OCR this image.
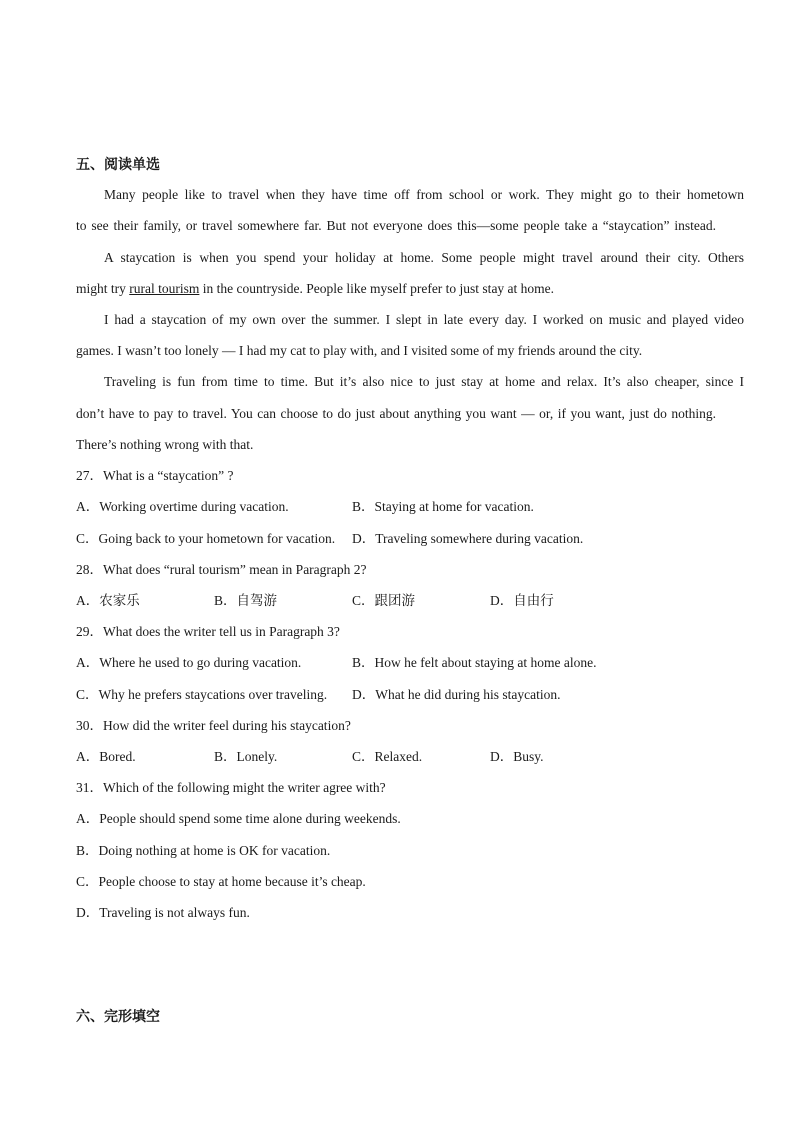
五、阅读单选
Many people like to travel when they have time off from school or work. They might go to their hometown
to see their family, or travel somewhere far. But not everyone does this—some people take a “staycation” instead.
A staycation is when you spend your holiday at home. Some people might travel around their city. Others
might try rural tourism in the countryside. People like myself prefer to just stay at home.
I had a staycation of my own over the summer. I slept in late every day. I worked on music and played video
games. I wasn’t too lonely — I had my cat to play with, and I visited some of my friends around the city.
Traveling is fun from time to time. But it’s also nice to just stay at home and relax. It’s also cheaper, since I
don’t have to pay to travel. You can choose to do just about anything you want — or, if you want, just do nothing.
There’s nothing wrong with that.
27．What is a “staycation” ?
A．Working overtime during vacation.	B．Staying at home for vacation.
C．Going back to your hometown for vacation. D．Traveling somewhere during vacation.
28．What does “rural tourism” mean in Paragraph 2?
A．农家乐	B．自驾游	C．跟团游	D．自由行
29．What does the writer tell us in Paragraph 3?
A．Where he used to go during vacation.	B．How he felt about staying at home alone.
C．Why he prefers staycations over traveling. D．What he did during his staycation.
30．How did the writer feel during his staycation?
A．Bored.	B．Lonely.	C．Relaxed.	D．Busy.
31．Which of the following might the writer agree with?
A．People should spend some time alone during weekends.
B．Doing nothing at home is OK for vacation.
C．People choose to stay at home because it’s cheap.
D．Traveling is not always fun.
六、完形填空
